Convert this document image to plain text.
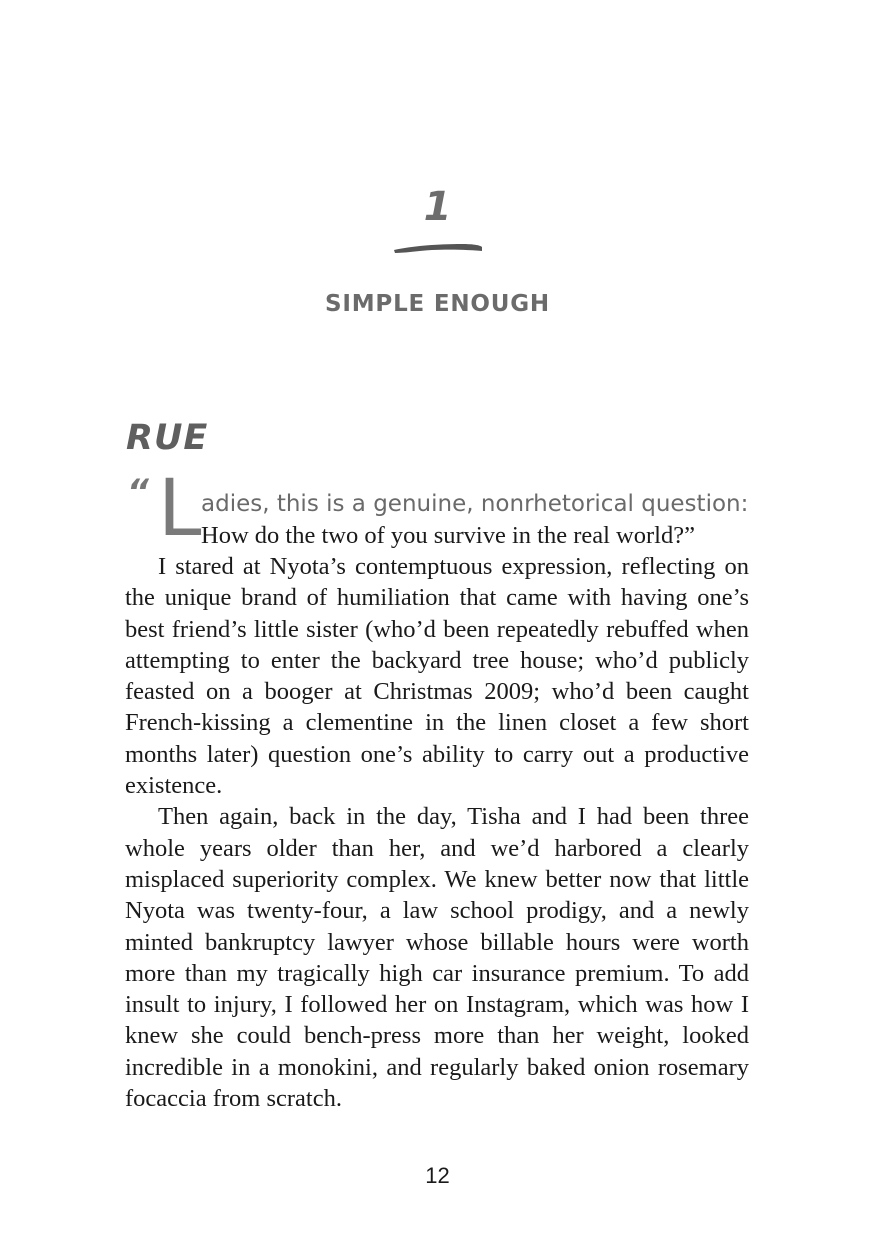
1
SIMPLE ENOUGH
RUE
“ L adies, this is a genuine, nonrhetorical question:
How do the two of you survive in the real world?”

I stared at Nyota’s contemptuous expression, reflecting on the unique brand of humiliation that came with having one’s best friend’s little sister (who’d been repeatedly rebuffed when attempting to enter the backyard tree house; who’d publicly feasted on a booger at Christmas 2009; who’d been caught French-kissing a clementine in the linen closet a few short months later) question one’s ability to carry out a productive existence.

Then again, back in the day, Tisha and I had been three whole years older than her, and we’d harbored a clearly misplaced superiority complex. We knew better now that little Nyota was twenty-four, a law school prodigy, and a newly minted bankruptcy lawyer whose billable hours were worth more than my tragically high car insurance premium. To add insult to injury, I followed her on Instagram, which was how I knew she could bench-press more than her weight, looked incredible in a monokini, and regularly baked onion rosemary focaccia from scratch.

12
